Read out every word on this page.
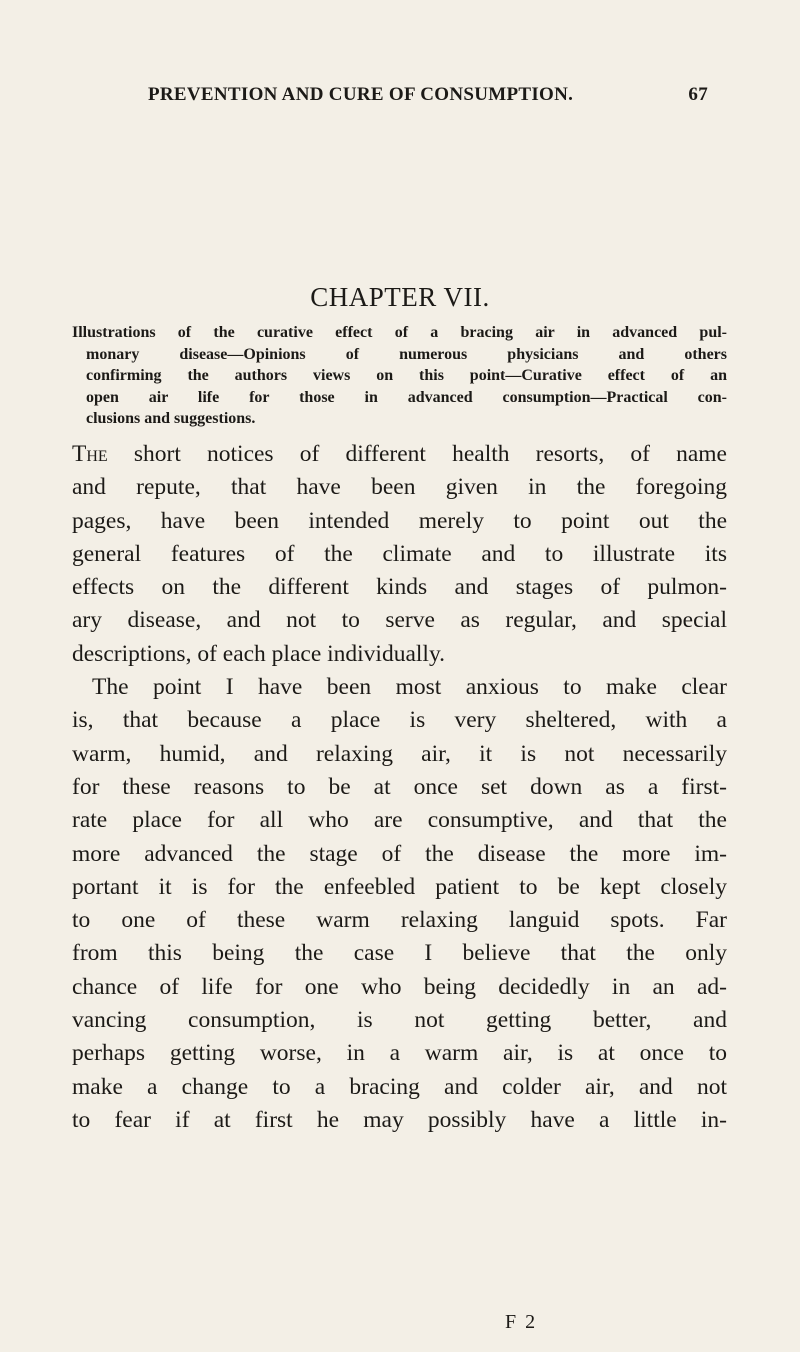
PREVENTION AND CURE OF CONSUMPTION.	67
CHAPTER VII.
Illustrations of the curative effect of a bracing air in advanced pul-
monary disease—Opinions of numerous physicians and others
confirming the authors views on this point—Curative effect of an
open air life for those in advanced consumption—Practical con-
clusions and suggestions.
The short notices of different health resorts, of name
and repute, that have been given in the foregoing
pages, have been intended merely to point out the
general features of the climate and to illustrate its
effects on the different kinds and stages of pulmon-
ary disease, and not to serve as regular, and special
descriptions, of each place individually.
The point I have been most anxious to make clear
is, that because a place is very sheltered, with a
warm, humid, and relaxing air, it is not necessarily
for these reasons to be at once set down as a first-
rate place for all who are consumptive, and that the
more advanced the stage of the disease the more im-
portant it is for the enfeebled patient to be kept closely
to one of these warm relaxing languid spots. Far
from this being the case I believe that the only
chance of life for one who being decidedly in an ad-
vancing consumption, is not getting better, and
perhaps getting worse, in a warm air, is at once to
make a change to a bracing and colder air, and not
to fear if at first he may possibly have a little in-
F 2
